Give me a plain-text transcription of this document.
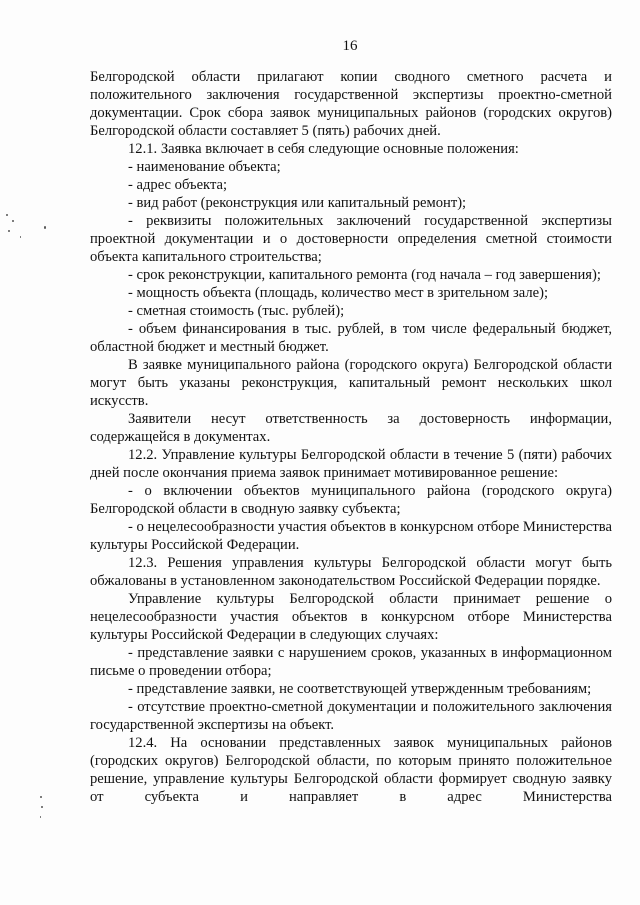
16

Белгородской области прилагают копии сводного сметного расчета и положительного заключения государственной экспертизы проектно-сметной документации. Срок сбора заявок муниципальных районов (городских округов) Белгородской области составляет 5 (пять) рабочих дней.

12.1. Заявка включает в себя следующие основные положения:

- наименование объекта;

- адрес объекта;

- вид работ (реконструкция или капитальный ремонт);

- реквизиты положительных заключений государственной экспертизы проектной документации и о достоверности определения сметной стоимости объекта капитального строительства;

- срок реконструкции, капитального ремонта (год начала – год завершения);

- мощность объекта (площадь, количество мест в зрительном зале);

- сметная стоимость (тыс. рублей);

- объем финансирования в тыс. рублей, в том числе федеральный бюджет, областной бюджет и местный бюджет.

В заявке муниципального района (городского округа) Белгородской области могут быть указаны реконструкция, капитальный ремонт нескольких школ искусств.

Заявители несут ответственность за достоверность информации, содержащейся в документах.

12.2. Управление культуры Белгородской области в течение 5 (пяти) рабочих дней после окончания приема заявок принимает мотивированное решение:

- о включении объектов муниципального района (городского округа) Белгородской области в сводную заявку субъекта;

- о нецелесообразности участия объектов в конкурсном отборе Министерства культуры Российской Федерации.

12.3. Решения управления культуры Белгородской области могут быть обжалованы в установленном законодательством Российской Федерации порядке.

Управление культуры Белгородской области принимает решение о нецелесообразности участия объектов в конкурсном отборе Министерства культуры Российской Федерации в следующих случаях:

- представление заявки с нарушением сроков, указанных в информационном письме о проведении отбора;

- представление заявки, не соответствующей утвержденным требованиям;

- отсутствие проектно-сметной документации и положительного заключения государственной экспертизы на объект.

12.4. На основании представленных заявок муниципальных районов (городских округов) Белгородской области, по которым принято положительное решение, управление культуры Белгородской области формирует сводную заявку от субъекта и направляет в адрес Министерства
